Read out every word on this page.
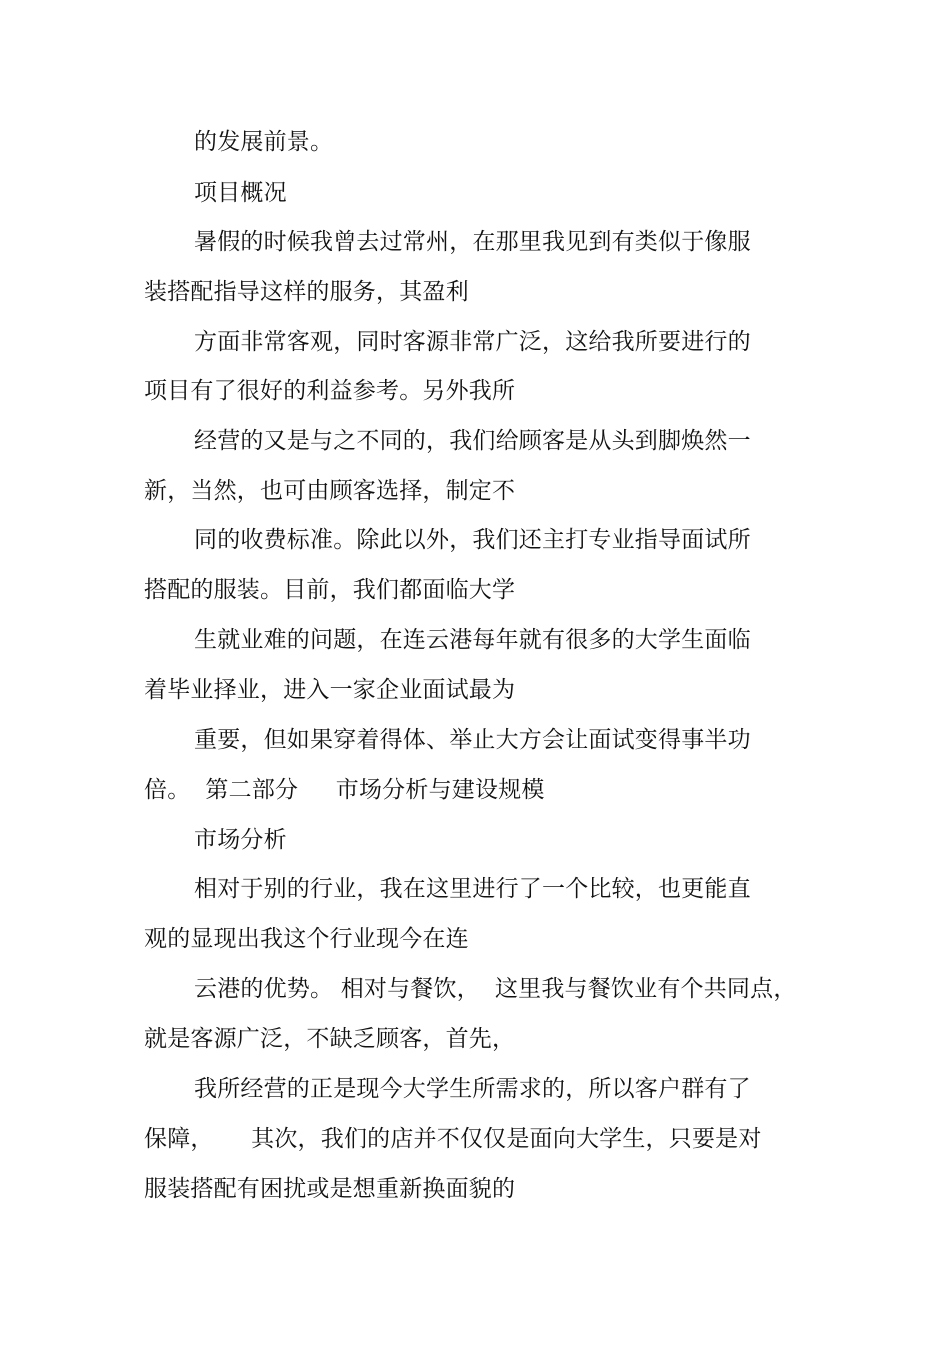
的发展前景。
项目概况
暑假的时候我曾去过常州，在那里我见到有类似于像服
装搭配指导这样的服务，其盈利
方面非常客观，同时客源非常广泛，这给我所要进行的
项目有了很好的利益参考。另外我所
经营的又是与之不同的，我们给顾客是从头到脚焕然一
新，当然，也可由顾客选择，制定不
同的收费标准。除此以外，我们还主打专业指导面试所
搭配的服装。目前，我们都面临大学
生就业难的问题，在连云港每年就有很多的大学生面临
着毕业择业，进入一家企业面试最为
重要，但如果穿着得体、举止大方会让面试变得事半功
倍。  第二部分     市场分析与建设规模
市场分析
相对于别的行业，我在这里进行了一个比较，也更能直
观的显现出我这个行业现今在连
云港的优势。 相对与餐饮，  这里我与餐饮业有个共同点，
就是客源广泛，不缺乏顾客，首先，
我所经营的正是现今大学生所需求的，所以客户群有了
保障，     其次，我们的店并不仅仅是面向大学生，只要是对
服装搭配有困扰或是想重新换面貌的
